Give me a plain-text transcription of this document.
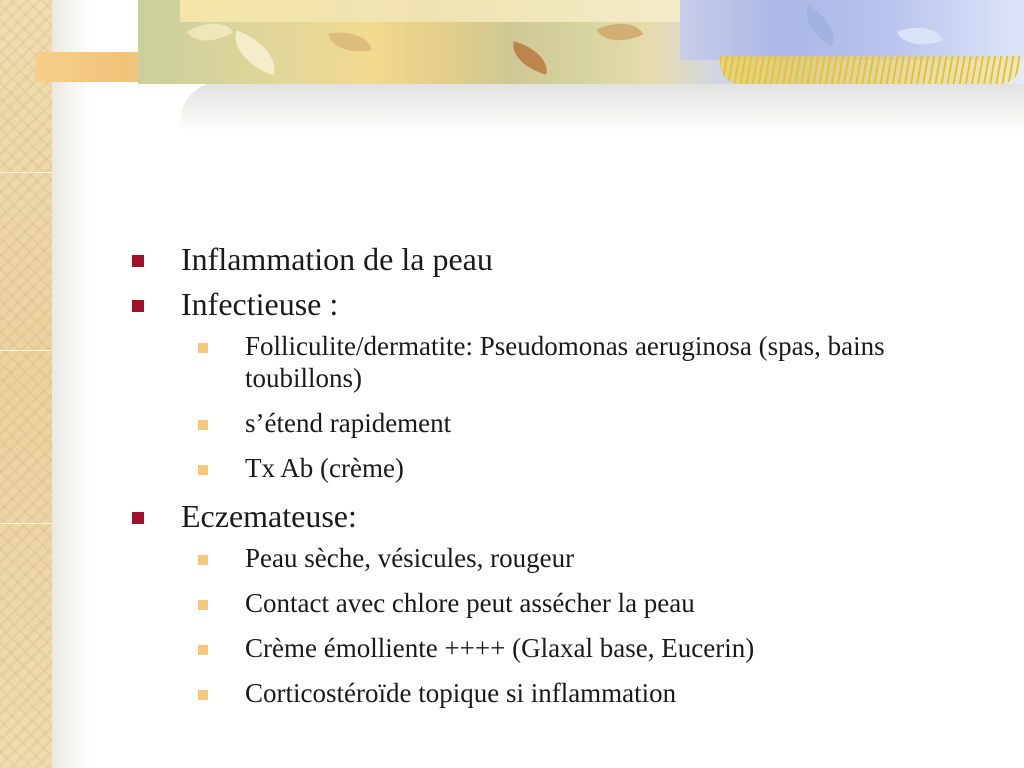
Inflammation de la peau
Infectieuse :
Folliculite/dermatite: Pseudomonas aeruginosa (spas, bains toubillons)
s’étend rapidement
Tx Ab (crème)
Eczemateuse:
Peau sèche, vésicules, rougeur
Contact avec chlore peut assécher la peau
Crème émolliente ++++ (Glaxal base, Eucerin)
Corticostéroïde topique si inflammation
